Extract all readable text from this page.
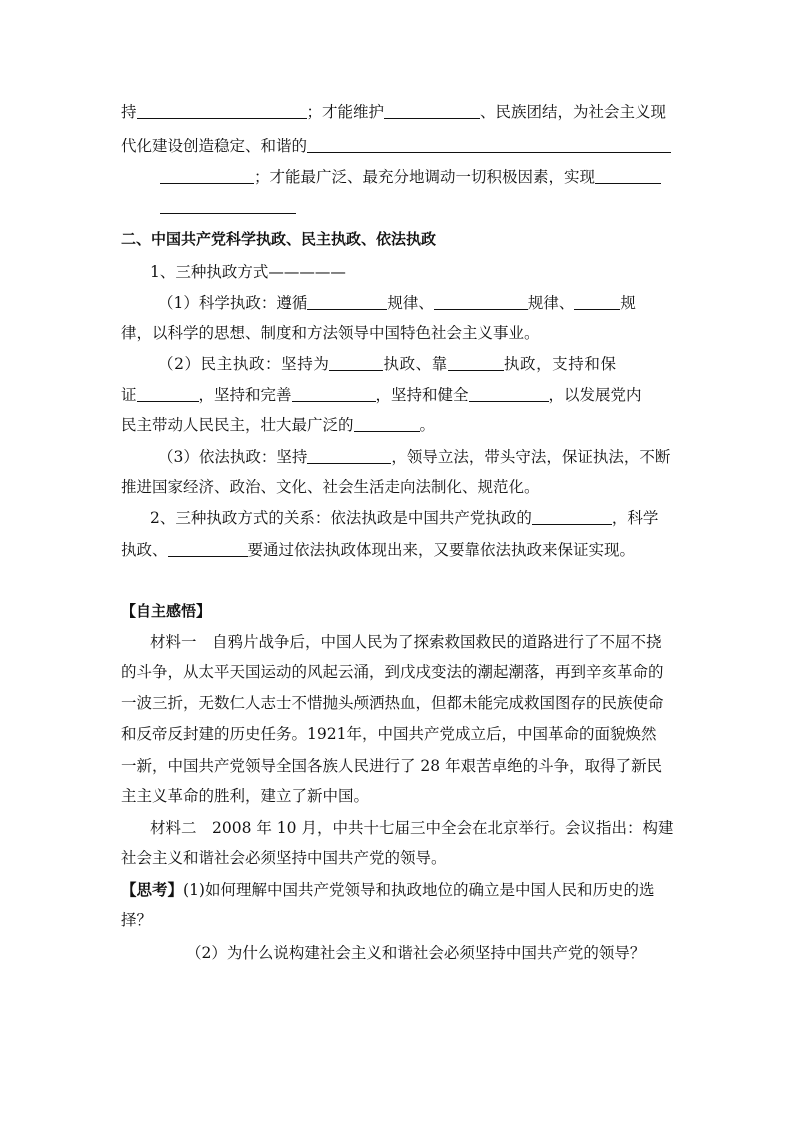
持	；才能维护	、民族团结，为社会主义现
代化建设创造稳定、和谐的
；才能最广泛、最充分地调动一切积极因素，实现
二、中国共产党科学执政、民主执政、依法执政
1、三种执政方式—————
（1）科学执政：遵循	规律、	规律、	规
律，以科学的思想、制度和方法领导中国特色社会主义事业。
（2）民主执政：坚持为	执政、靠	执政，支持和保
证	，坚持和完善	，坚持和健全	，以发展党内
民主带动人民民主，壮大最广泛的	。
（3）依法执政：坚持	，领导立法，带头守法，保证执法，不断
推进国家经济、政治、文化、社会生活走向法制化、规范化。
2、三种执政方式的关系：依法执政是中国共产党执政的	，科学
执政、	要通过依法执政体现出来，又要靠依法执政来保证实现。
【自主感悟】
材料一　自鸦片战争后，中国人民为了探索救国救民的道路进行了不屈不挠
的斗争，从太平天国运动的风起云涌，到戊戌变法的潮起潮落，再到辛亥革命的
一波三折，无数仁人志士不惜抛头颅洒热血，但都未能完成救国图存的民族使命
和反帝反封建的历史任务。1921年，中国共产党成立后，中国革命的面貌焕然
一新，中国共产党领导全国各族人民进行了 28 年艰苦卓绝的斗争，取得了新民
主主义革命的胜利，建立了新中国。
材料二　2008 年 10 月，中共十七届三中全会在北京举行。会议指出：构建
社会主义和谐社会必须坚持中国共产党的领导。
【思考】(1)如何理解中国共产党领导和执政地位的确立是中国人民和历史的选
择？
（2）为什么说构建社会主义和谐社会必须坚持中国共产党的领导？
